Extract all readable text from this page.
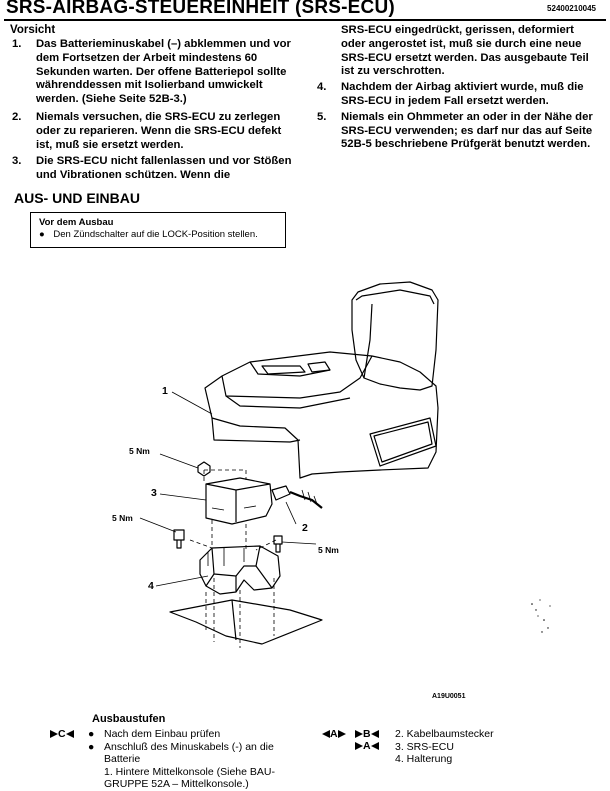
SRS-AIRBAG-STEUEREINHEIT (SRS-ECU)	52400210045
Vorsicht
1. Das Batterieminuskabel (–) abklemmen und vor dem Fortsetzen der Arbeit mindestens 60 Sekunden warten. Der offene Batteriepol sollte währenddessen mit Isolierband umwickelt werden. (Siehe Seite 52B-3.)
2. Niemals versuchen, die SRS-ECU zu zerlegen oder zu reparieren. Wenn die SRS-ECU defekt ist, muß sie ersetzt werden.
3. Die SRS-ECU nicht fallenlassen und vor Stößen und Vibrationen schützen. Wenn die

SRS-ECU eingedrückt, gerissen, deformiert oder angerostet ist, muß sie durch eine neue SRS-ECU ersetzt werden. Das ausgebaute Teil ist zu verschrotten.

4. Nachdem der Airbag aktiviert wurde, muß die SRS-ECU in jedem Fall ersetzt werden.
5. Niemals ein Ohmmeter an oder in der Nähe der SRS-ECU verwenden; es darf nur das auf Seite 52B-5 beschriebene Prüfgerät benutzt werden.
AUS- UND EINBAU
Vor dem Ausbau
● Den Zündschalter auf die LOCK-Position stellen.
1
2
3
4
5 Nm
5 Nm
5 Nm
A19U0051
Ausbaustufen
C	● Nach dem Einbau prüfen
● Anschluß des Minuskabels (-) an die Batterie
1. Hintere Mittelkonsole (Siehe BAU-GRUPPE 52A – Mittelkonsole.)
A	B
A
2. Kabelbaumstecker
3. SRS-ECU
4. Halterung
